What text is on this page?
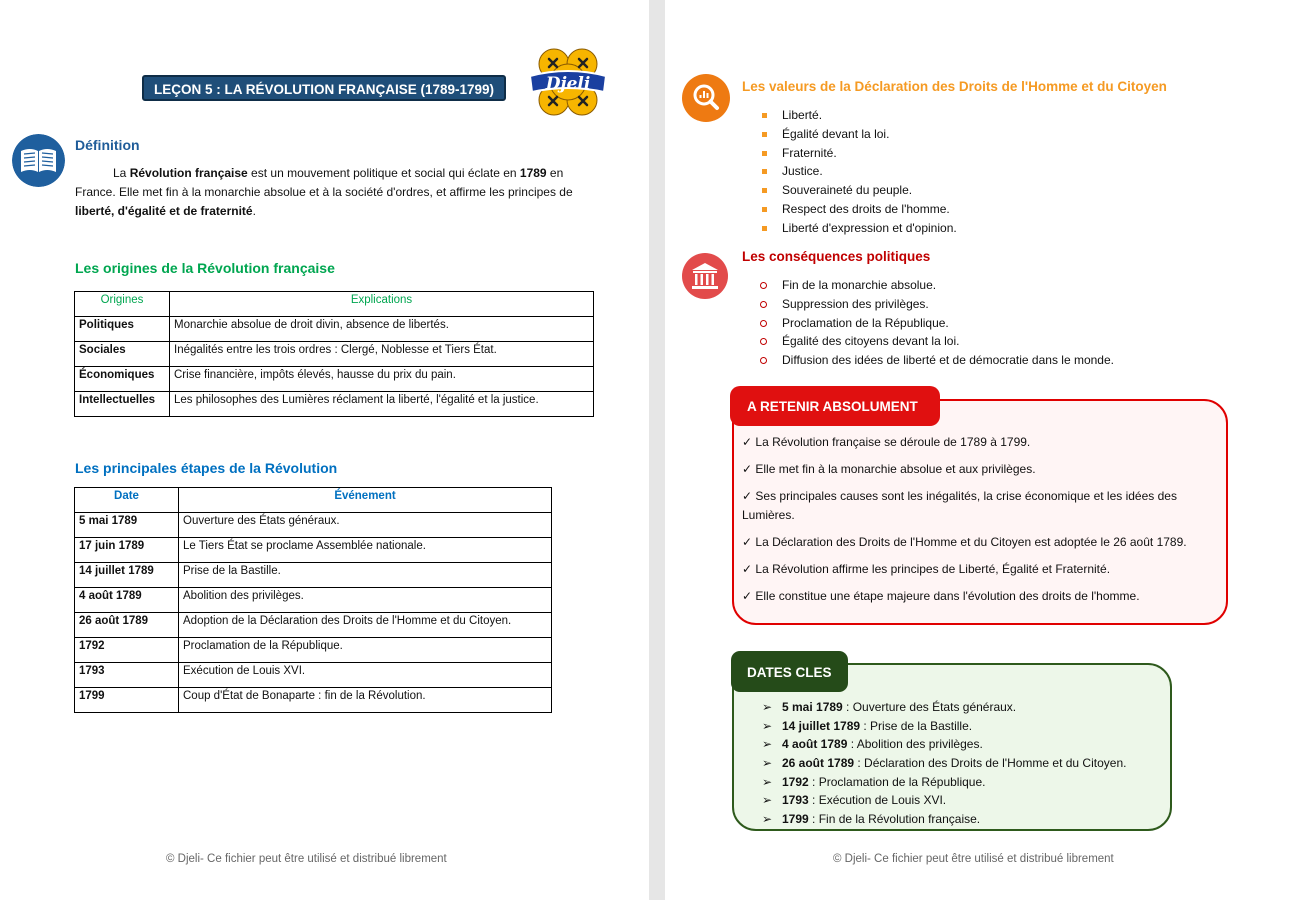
LEÇON 5 : LA RÉVOLUTION FRANÇAISE (1789-1799)	Djeli
Définition
La Révolution française est un mouvement politique et social qui éclate en 1789 en France. Elle met fin à la monarchie absolue et à la société d'ordres, et affirme les principes de liberté, d'égalité et de fraternité.
Les origines de la Révolution française
Origines	Explications
Politiques	Monarchie absolue de droit divin, absence de libertés.
Sociales	Inégalités entre les trois ordres : Clergé, Noblesse et Tiers État.
Économiques	Crise financière, impôts élevés, hausse du prix du pain.
Intellectuelles	Les philosophes des Lumières réclament la liberté, l'égalité et la justice.
Les principales étapes de la Révolution
Date	Événement
5 mai 1789	Ouverture des États généraux.
17 juin 1789	Le Tiers État se proclame Assemblée nationale.
14 juillet 1789	Prise de la Bastille.
4 août 1789	Abolition des privilèges.
26 août 1789	Adoption de la Déclaration des Droits de l'Homme et du Citoyen.
1792	Proclamation de la République.
1793	Exécution de Louis XVI.
1799	Coup d'État de Bonaparte : fin de la Révolution.
© Djeli- Ce fichier peut être utilisé et distribué librement
Les valeurs de la Déclaration des Droits de l'Homme et du Citoyen
Liberté.
Égalité devant la loi.
Fraternité.
Justice.
Souveraineté du peuple.
Respect des droits de l'homme.
Liberté d'expression et d'opinion.
Les conséquences politiques
Fin de la monarchie absolue.
Suppression des privilèges.
Proclamation de la République.
Égalité des citoyens devant la loi.
Diffusion des idées de liberté et de démocratie dans le monde.
A RETENIR ABSOLUMENT

✓ La Révolution française se déroule de 1789 à 1799.

✓ Elle met fin à la monarchie absolue et aux privilèges.

✓ Ses principales causes sont les inégalités, la crise économique et les idées des Lumières.

✓ La Déclaration des Droits de l'Homme et du Citoyen est adoptée le 26 août 1789.

✓ La Révolution affirme les principes de Liberté, Égalité et Fraternité.

✓ Elle constitue une étape majeure dans l'évolution des droits de l'homme.

DATES CLES
➢ 5 mai 1789 : Ouverture des États généraux.
➢ 14 juillet 1789 : Prise de la Bastille.
➢ 4 août 1789 : Abolition des privilèges.
➢ 26 août 1789 : Déclaration des Droits de l'Homme et du Citoyen.
➢ 1792 : Proclamation de la République.
➢ 1793 : Exécution de Louis XVI.
➢ 1799 : Fin de la Révolution française.
© Djeli- Ce fichier peut être utilisé et distribué librement
